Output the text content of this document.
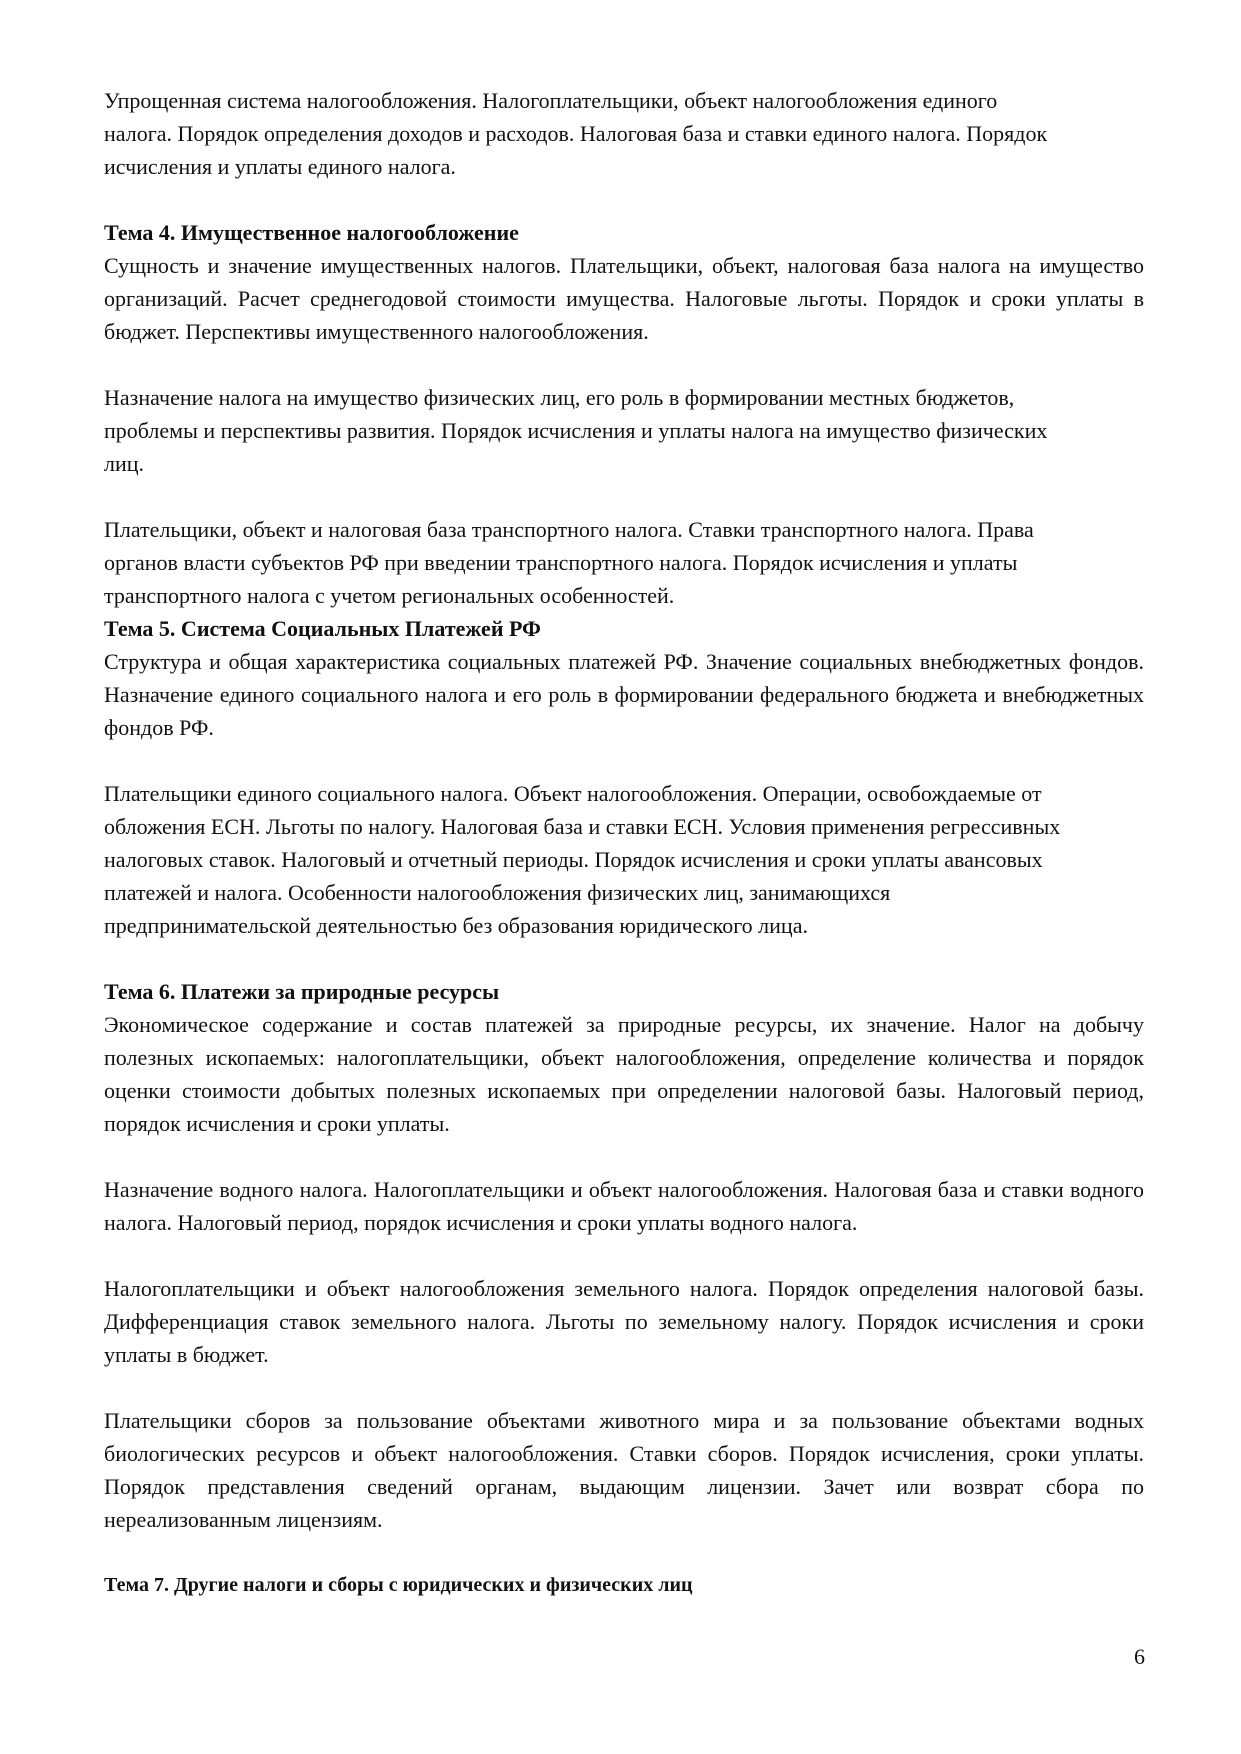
Упрощенная система налогообложения. Налогоплательщики, объект налогообложения единого налога. Порядок определения доходов и расходов. Налоговая база и ставки единого налога. Порядок исчисления и уплаты единого налога.

Тема 4. Имущественное налогообложение

Сущность и значение имущественных налогов. Плательщики, объект, налоговая база налога на имущество организаций. Расчет среднегодовой стоимости имущества. Налоговые льготы. Порядок и сроки уплаты в бюджет. Перспективы имущественного налогообложения.

Назначение налога на имущество физических лиц, его роль в формировании местных бюджетов, проблемы и перспективы развития. Порядок исчисления и уплаты налога на имущество физических лиц.

Плательщики, объект и налоговая база транспортного налога. Ставки транспортного налога. Права органов власти субъектов РФ при введении транспортного налога. Порядок исчисления и уплаты транспортного налога с учетом региональных особенностей.

Тема 5. Система Социальных Платежей РФ

Структура и общая характеристика социальных платежей РФ. Значение социальных внебюджетных фондов. Назначение единого социального налога и его роль в формировании федерального бюджета и внебюджетных фондов РФ.

Плательщики единого социального налога. Объект налогообложения. Операции, освобождаемые от обложения ЕСН. Льготы по налогу. Налоговая база и ставки ЕСН. Условия применения регрессивных налоговых ставок. Налоговый и отчетный периоды. Порядок исчисления и сроки уплаты авансовых платежей и налога. Особенности налогообложения физических лиц, занимающихся предпринимательской деятельностью без образования юридического лица.

Тема 6. Платежи за природные ресурсы

Экономическое содержание и состав платежей за природные ресурсы, их значение. Налог на добычу полезных ископаемых: налогоплательщики, объект налогообложения, определение количества и порядок оценки стоимости добытых полезных ископаемых при определении налоговой базы. Налоговый период, порядок исчисления и сроки уплаты.

Назначение водного налога. Налогоплательщики и объект налогообложения. Налоговая база и ставки водного налога. Налоговый период, порядок исчисления и сроки уплаты водного налога.

Налогоплательщики и объект налогообложения земельного налога. Порядок определения налоговой базы. Дифференциация ставок земельного налога. Льготы по земельному налогу. Порядок исчисления и сроки уплаты в бюджет.

Плательщики сборов за пользование объектами животного мира и за пользование объектами водных биологических ресурсов и объект налогообложения. Ставки сборов. Порядок исчисления, сроки уплаты. Порядок представления сведений органам, выдающим лицензии. Зачет или возврат сбора по нереализованным лицензиям.

Тема 7. Другие налоги и сборы с юридических и физических лиц

6
